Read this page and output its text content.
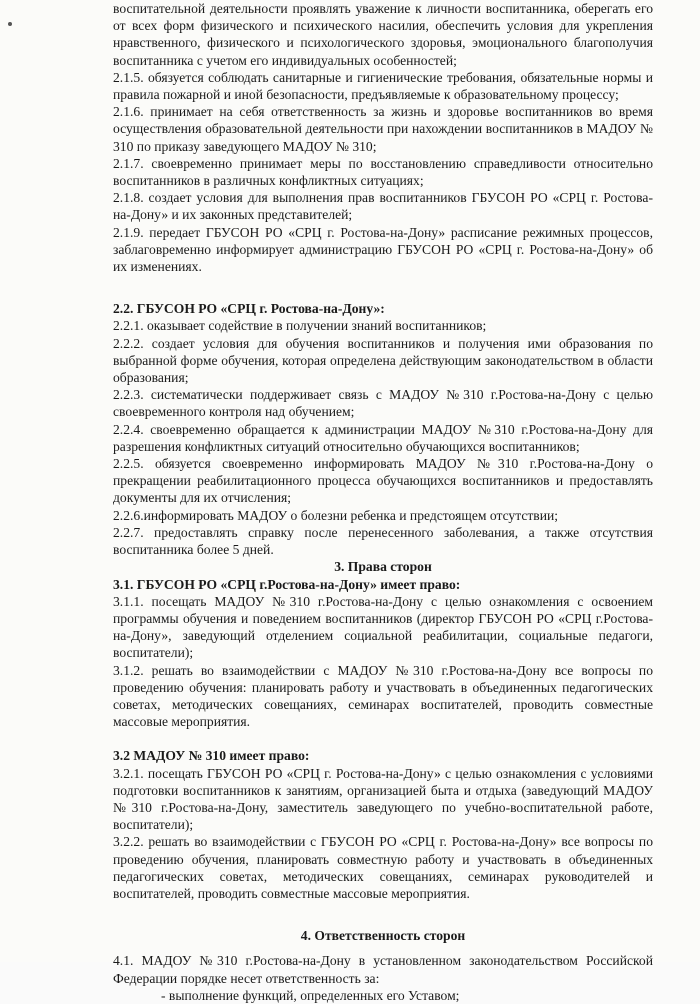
воспитательной деятельности проявлять уважение к личности воспитанника, оберегать его от всех форм физического и психического насилия, обеспечить условия для укрепления нравственного, физического и психологического здоровья, эмоционального благополучия воспитанника с учетом его индивидуальных особенностей;

2.1.5. обязуется соблюдать санитарные и гигиенические требования, обязательные нормы и правила пожарной и иной безопасности, предъявляемые к образовательному процессу;

2.1.6. принимает на себя ответственность за жизнь и здоровье воспитанников во время осуществления образовательной деятельности при нахождении воспитанников в МАДОУ № 310 по приказу заведующего МАДОУ № 310;

2.1.7. своевременно принимает меры по восстановлению справедливости относительно воспитанников в различных конфликтных ситуациях;

2.1.8. создает условия для выполнения прав воспитанников ГБУСОН РО «СРЦ г. Ростова-на-Дону» и их законных представителей;

2.1.9. передает ГБУСОН РО «СРЦ г. Ростова-на-Дону» расписание режимных процессов, заблаговременно информирует администрацию ГБУСОН РО «СРЦ г. Ростова-на-Дону» об их изменениях.

2.2. ГБУСОН РО «СРЦ г. Ростова-на-Дону»:

2.2.1. оказывает содействие в получении знаний воспитанников;

2.2.2. создает условия для обучения воспитанников и получения ими образования по выбранной форме обучения, которая определена действующим законодательством в области образования;

2.2.3. систематически поддерживает связь с МАДОУ №310 г.Ростова-на-Дону с целью своевременного контроля над обучением;

2.2.4. своевременно обращается к администрации МАДОУ №310 г.Ростова-на-Дону для разрешения конфликтных ситуаций относительно обучающихся воспитанников;

2.2.5. обязуется своевременно информировать МАДОУ №310 г.Ростова-на-Дону о прекращении реабилитационного процесса обучающихся воспитанников и предоставлять документы для их отчисления;

2.2.6.информировать МАДОУ о болезни ребенка и предстоящем отсутствии;

2.2.7. предоставлять справку после перенесенного заболевания, а также отсутствия воспитанника более 5 дней.

3. Права сторон

3.1. ГБУСОН РО «СРЦ г.Ростова-на-Дону» имеет право:

3.1.1. посещать МАДОУ №310 г.Ростова-на-Дону с целью ознакомления с освоением программы обучения и поведением воспитанников (директор ГБУСОН РО «СРЦ г.Ростова-на-Дону», заведующий отделением социальной реабилитации, социальные педагоги, воспитатели);

3.1.2. решать во взаимодействии с МАДОУ №310 г.Ростова-на-Дону все вопросы по проведению обучения: планировать работу и участвовать в объединенных педагогических советах, методических совещаниях, семинарах воспитателей, проводить совместные массовые мероприятия.

3.2 МАДОУ № 310 имеет право:

3.2.1. посещать ГБУСОН РО «СРЦ г. Ростова-на-Дону» с целью ознакомления с условиями подготовки воспитанников к занятиям, организацией быта и отдыха (заведующий МАДОУ №310 г.Ростова-на-Дону, заместитель заведующего по учебно-воспитательной работе, воспитатели);

3.2.2. решать во взаимодействии с ГБУСОН РО «СРЦ г. Ростова-на-Дону» все вопросы по проведению обучения, планировать совместную работу и участвовать в объединенных педагогических советах, методических совещаниях, семинарах руководителей и воспитателей, проводить совместные массовые мероприятия.

4. Ответственность сторон

4.1. МАДОУ №310 г.Ростова-на-Дону в установленном законодательством Российской Федерации порядке несет ответственность за:

- выполнение функций, определенных его Уставом;
